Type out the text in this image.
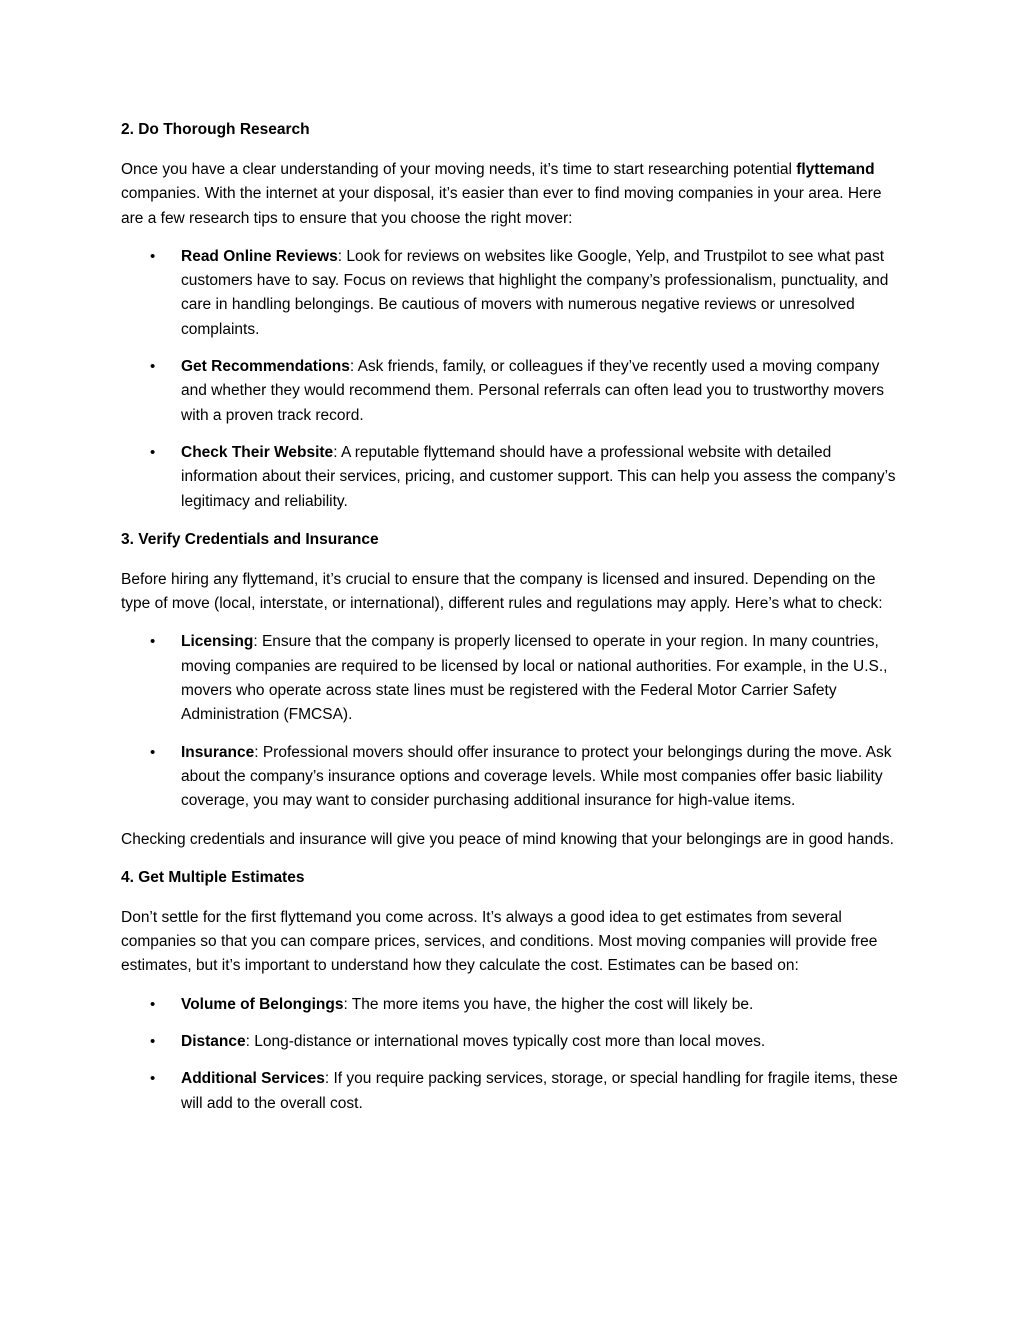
2. Do Thorough Research

Once you have a clear understanding of your moving needs, it’s time to start researching potential flyttemand companies. With the internet at your disposal, it’s easier than ever to find moving companies in your area. Here are a few research tips to ensure that you choose the right mover:

• Read Online Reviews: Look for reviews on websites like Google, Yelp, and Trustpilot to see what past customers have to say. Focus on reviews that highlight the company’s professionalism, punctuality, and care in handling belongings. Be cautious of movers with numerous negative reviews or unresolved complaints.
• Get Recommendations: Ask friends, family, or colleagues if they’ve recently used a moving company and whether they would recommend them. Personal referrals can often lead you to trustworthy movers with a proven track record.
• Check Their Website: A reputable flyttemand should have a professional website with detailed information about their services, pricing, and customer support. This can help you assess the company’s legitimacy and reliability.
3. Verify Credentials and Insurance

Before hiring any flyttemand, it’s crucial to ensure that the company is licensed and insured. Depending on the type of move (local, interstate, or international), different rules and regulations may apply. Here’s what to check:

• Licensing: Ensure that the company is properly licensed to operate in your region. In many countries, moving companies are required to be licensed by local or national authorities. For example, in the U.S., movers who operate across state lines must be registered with the Federal Motor Carrier Safety Administration (FMCSA).
• Insurance: Professional movers should offer insurance to protect your belongings during the move. Ask about the company’s insurance options and coverage levels. While most companies offer basic liability coverage, you may want to consider purchasing additional insurance for high-value items.

Checking credentials and insurance will give you peace of mind knowing that your belongings are in good hands.

4. Get Multiple Estimates

Don’t settle for the first flyttemand you come across. It’s always a good idea to get estimates from several companies so that you can compare prices, services, and conditions. Most moving companies will provide free estimates, but it’s important to understand how they calculate the cost. Estimates can be based on:

• Volume of Belongings: The more items you have, the higher the cost will likely be.
• Distance: Long-distance or international moves typically cost more than local moves.
• Additional Services: If you require packing services, storage, or special handling for fragile items, these will add to the overall cost.
